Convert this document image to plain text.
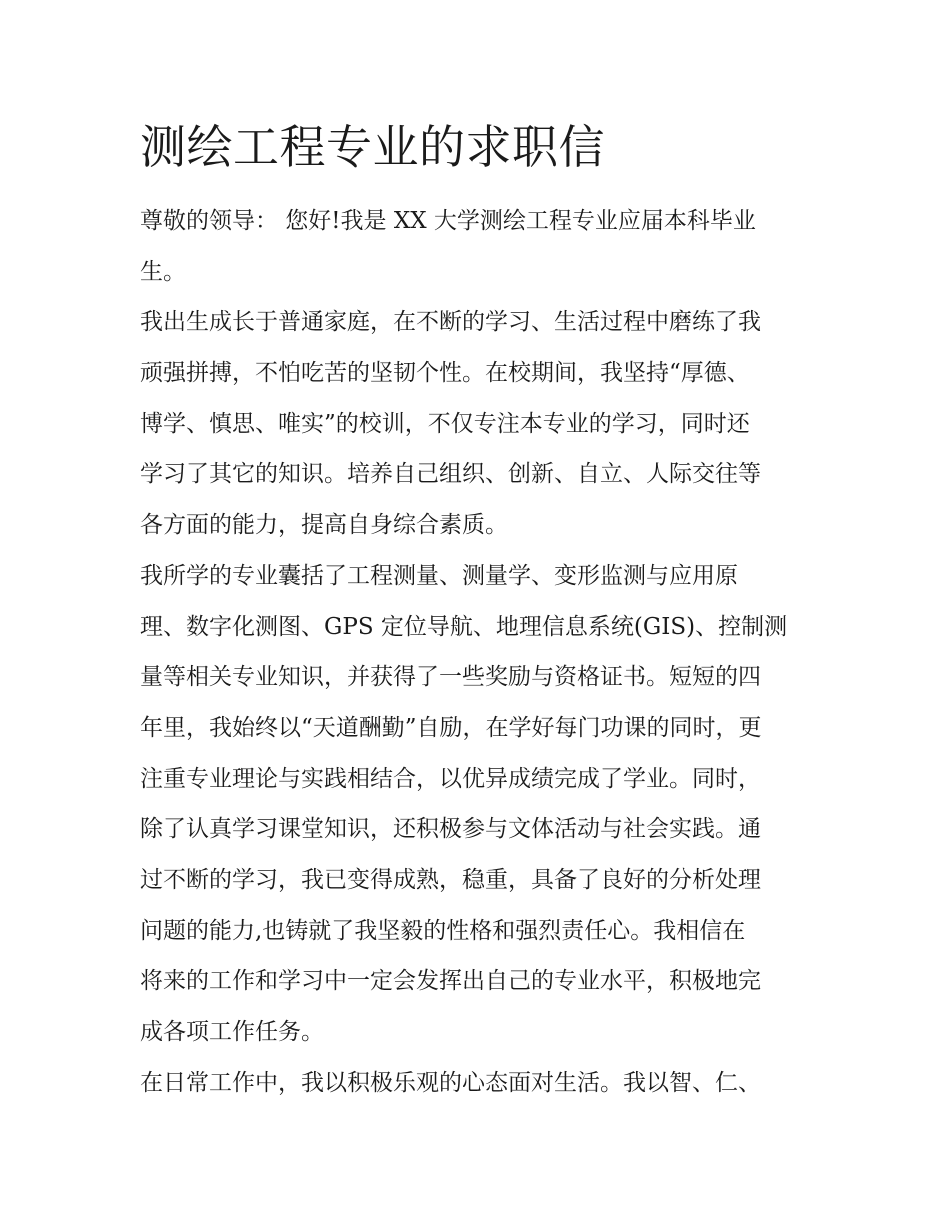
测绘工程专业的求职信

尊敬的领导： 您好!我是 XX 大学测绘工程专业应届本科毕业
生。

我出生成长于普通家庭，在不断的学习、生活过程中磨练了我
顽强拼搏，不怕吃苦的坚韧个性。在校期间，我坚持“厚德、
博学、慎思、唯实”的校训，不仅专注本专业的学习，同时还
学习了其它的知识。培养自己组织、创新、自立、人际交往等
各方面的能力，提高自身综合素质。

我所学的专业囊括了工程测量、测量学、变形监测与应用原
理、数字化测图、GPS 定位导航、地理信息系统(GIS)、控制测
量等相关专业知识，并获得了一些奖励与资格证书。短短的四
年里，我始终以“天道酬勤”自励，在学好每门功课的同时，更
注重专业理论与实践相结合，以优异成绩完成了学业。同时，
除了认真学习课堂知识，还积极参与文体活动与社会实践。通
过不断的学习，我已变得成熟，稳重，具备了良好的分析处理
问题的能力,也铸就了我坚毅的性格和强烈责任心。我相信在
将来的工作和学习中一定会发挥出自己的专业水平，积极地完
成各项工作任务。

在日常工作中，我以积极乐观的心态面对生活。我以智、仁、
